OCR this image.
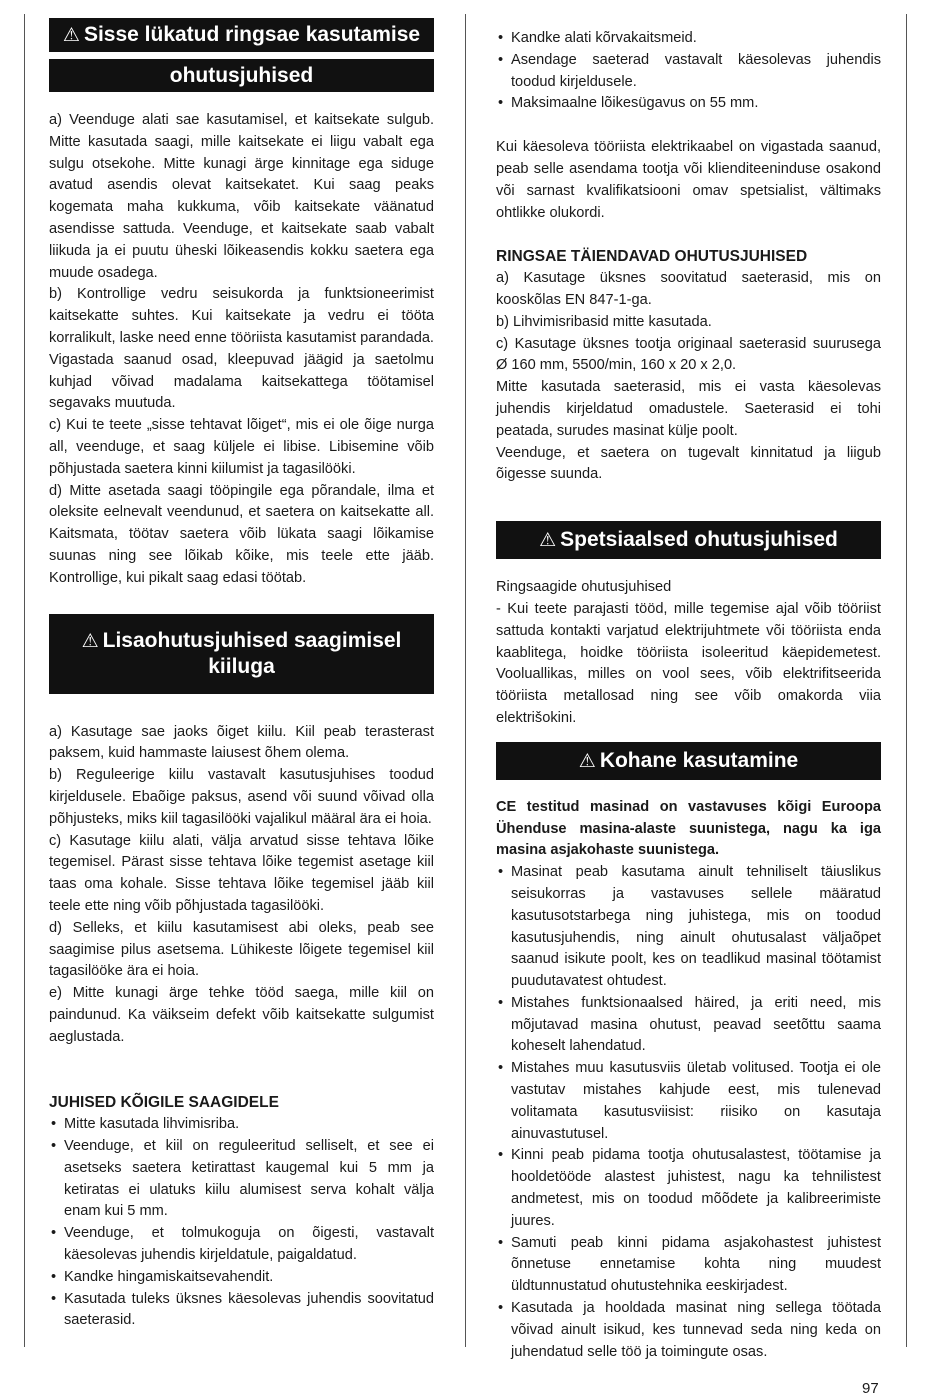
⚠ Sisse lükatud ringsae kasutamise
ohutusjuhised

a) Veenduge alati sae kasutamisel, et kaitsekate sulgub. Mitte kasutada saagi, mille kaitsekate ei liigu vabalt ega sulgu otsekohe. Mitte kunagi ärge kinnitage ega siduge avatud asendis olevat kaitsekatet. Kui saag peaks kogemata maha kukkuma, võib kaitsekate väänatud asendisse sattuda. Veenduge, et kaitsekate saab vabalt liikuda ja ei puutu üheski lõikeasendis kokku saetera ega muude osadega.

b) Kontrollige vedru seisukorda ja funktsioneerimist kaitsekatte suhtes. Kui kaitsekate ja vedru ei tööta korralikult, laske need enne tööriista kasutamist parandada. Vigastada saanud osad, kleepuvad jäägid ja saetolmu kuhjad võivad madalama kaitsekattega töötamisel segavaks muutuda.

c) Kui te teete „sisse tehtavat lõiget“, mis ei ole õige nurga all, veenduge, et saag küljele ei libise. Libisemine võib põhjustada saetera kinni kiilumist ja tagasilööki.

d) Mitte asetada saagi tööpingile ega põrandale, ilma et oleksite eelnevalt veendunud, et saetera on kaitsekatte all. Kaitsmata, töötav saetera võib lükata saagi lõikamise suunas ning see lõikab kõike, mis teele ette jääb. Kontrollige, kui pikalt saag edasi töötab.

⚠ Lisaohutusjuhised saagimisel
kiiluga

a) Kasutage sae jaoks õiget kiilu. Kiil peab terasterast paksem, kuid hammaste laiusest õhem olema.

b) Reguleerige kiilu vastavalt kasutusjuhises toodud kirjeldusele. Ebaõige paksus, asend või suund võivad olla põhjusteks, miks kiil tagasilööki vajalikul määral ära ei hoia.

c) Kasutage kiilu alati, välja arvatud sisse tehtava lõike tegemisel. Pärast sisse tehtava lõike tegemist asetage kiil taas oma kohale. Sisse tehtava lõike tegemisel jääb kiil teele ette ning võib põhjustada tagasilööki.

d) Selleks, et kiilu kasutamisest abi oleks, peab see saagimise pilus asetsema. Lühikeste lõigete tegemisel kiil tagasilööke ära ei hoia.

e) Mitte kunagi ärge tehke tööd saega, mille kiil on paindunud. Ka väikseim defekt võib kaitsekatte sulgumist aeglustada.

JUHISED KÕIGILE SAAGIDELE
• Mitte kasutada lihvimisriba.
• Veenduge, et kiil on reguleeritud selliselt, et see ei asetseks saetera ketirattast kaugemal kui 5 mm ja ketiratas ei ulatuks kiilu alumisest serva kohalt välja enam kui 5 mm.
• Veenduge, et tolmukoguja on õigesti, vastavalt käesolevas juhendis kirjeldatule, paigaldatud.
• Kandke hingamiskaitsevahendit.
• Kasutada tuleks üksnes käesolevas juhendis soovitatud saeterasid.
• Kandke alati kõrvakaitsmeid.
• Asendage saeterad vastavalt käesolevas juhendis toodud kirjeldusele.
• Maksimaalne lõikesügavus on 55 mm.

Kui käesoleva tööriista elektrikaabel on vigastada saanud, peab selle asendama tootja või klienditeeninduse osakond või sarnast kvalifikatsiooni omav spetsialist, vältimaks ohtlikke olukordi.

RINGSAE TÄIENDAVAD OHUTUSJUHISED

a) Kasutage üksnes soovitatud saeterasid, mis on kooskõlas EN 847-1-ga.

b) Lihvimisribasid mitte kasutada.

c) Kasutage üksnes tootja originaal saeterasid suurusega Ø 160 mm, 5500/min, 160 x 20 x 2,0.

Mitte kasutada saeterasid, mis ei vasta käesolevas juhendis kirjeldatud omadustele. Saeterasid ei tohi peatada, surudes masinat külje poolt.

Veenduge, et saetera on tugevalt kinnitatud ja liigub õigesse suunda.

⚠ Spetsiaalsed ohutusjuhised

Ringsaagide ohutusjuhised

- Kui teete parajasti tööd, mille tegemise ajal võib tööriist sattuda kontakti varjatud elektrijuhtmete või tööriista enda kaablitega, hoidke tööriista isoleeritud käepidemetest. Vooluallikas, milles on vool sees, võib elektrifitseerida tööriista metallosad ning see võib omakorda viia elektrišokini.

⚠ Kohane kasutamine

CE testitud masinad on vastavuses kõigi Euroopa Ühenduse masina-alaste suunistega, nagu ka iga masina asjakohaste suunistega.

• Masinat peab kasutama ainult tehniliselt täiuslikus seisukorras ja vastavuses sellele määratud kasutusotstarbega ning juhistega, mis on toodud kasutusjuhendis, ning ainult ohutusalast väljaõpet saanud isikute poolt, kes on teadlikud masinal töötamist puudutavatest ohtudest.
• Mistahes funktsionaalsed häired, ja eriti need, mis mõjutavad masina ohutust, peavad seetõttu saama koheselt lahendatud.
• Mistahes muu kasutusviis ületab volitused. Tootja ei ole vastutav mistahes kahjude eest, mis tulenevad volitamata kasutusviisist: riisiko on kasutaja ainuvastutusel.
• Kinni peab pidama tootja ohutusalastest, töötamise ja hooldetööde alastest juhistest, nagu ka tehnilistest andmetest, mis on toodud mõõdete ja kalibreerimiste juures.
• Samuti peab kinni pidama asjakohastest juhistest õnnetuse ennetamise kohta ning muudest üldtunnustatud ohutustehnika eeskirjadest.
• Kasutada ja hooldada masinat ning sellega töötada võivad ainult isikud, kes tunnevad seda ning keda on juhendatud selle töö ja toimingute osas.
97
